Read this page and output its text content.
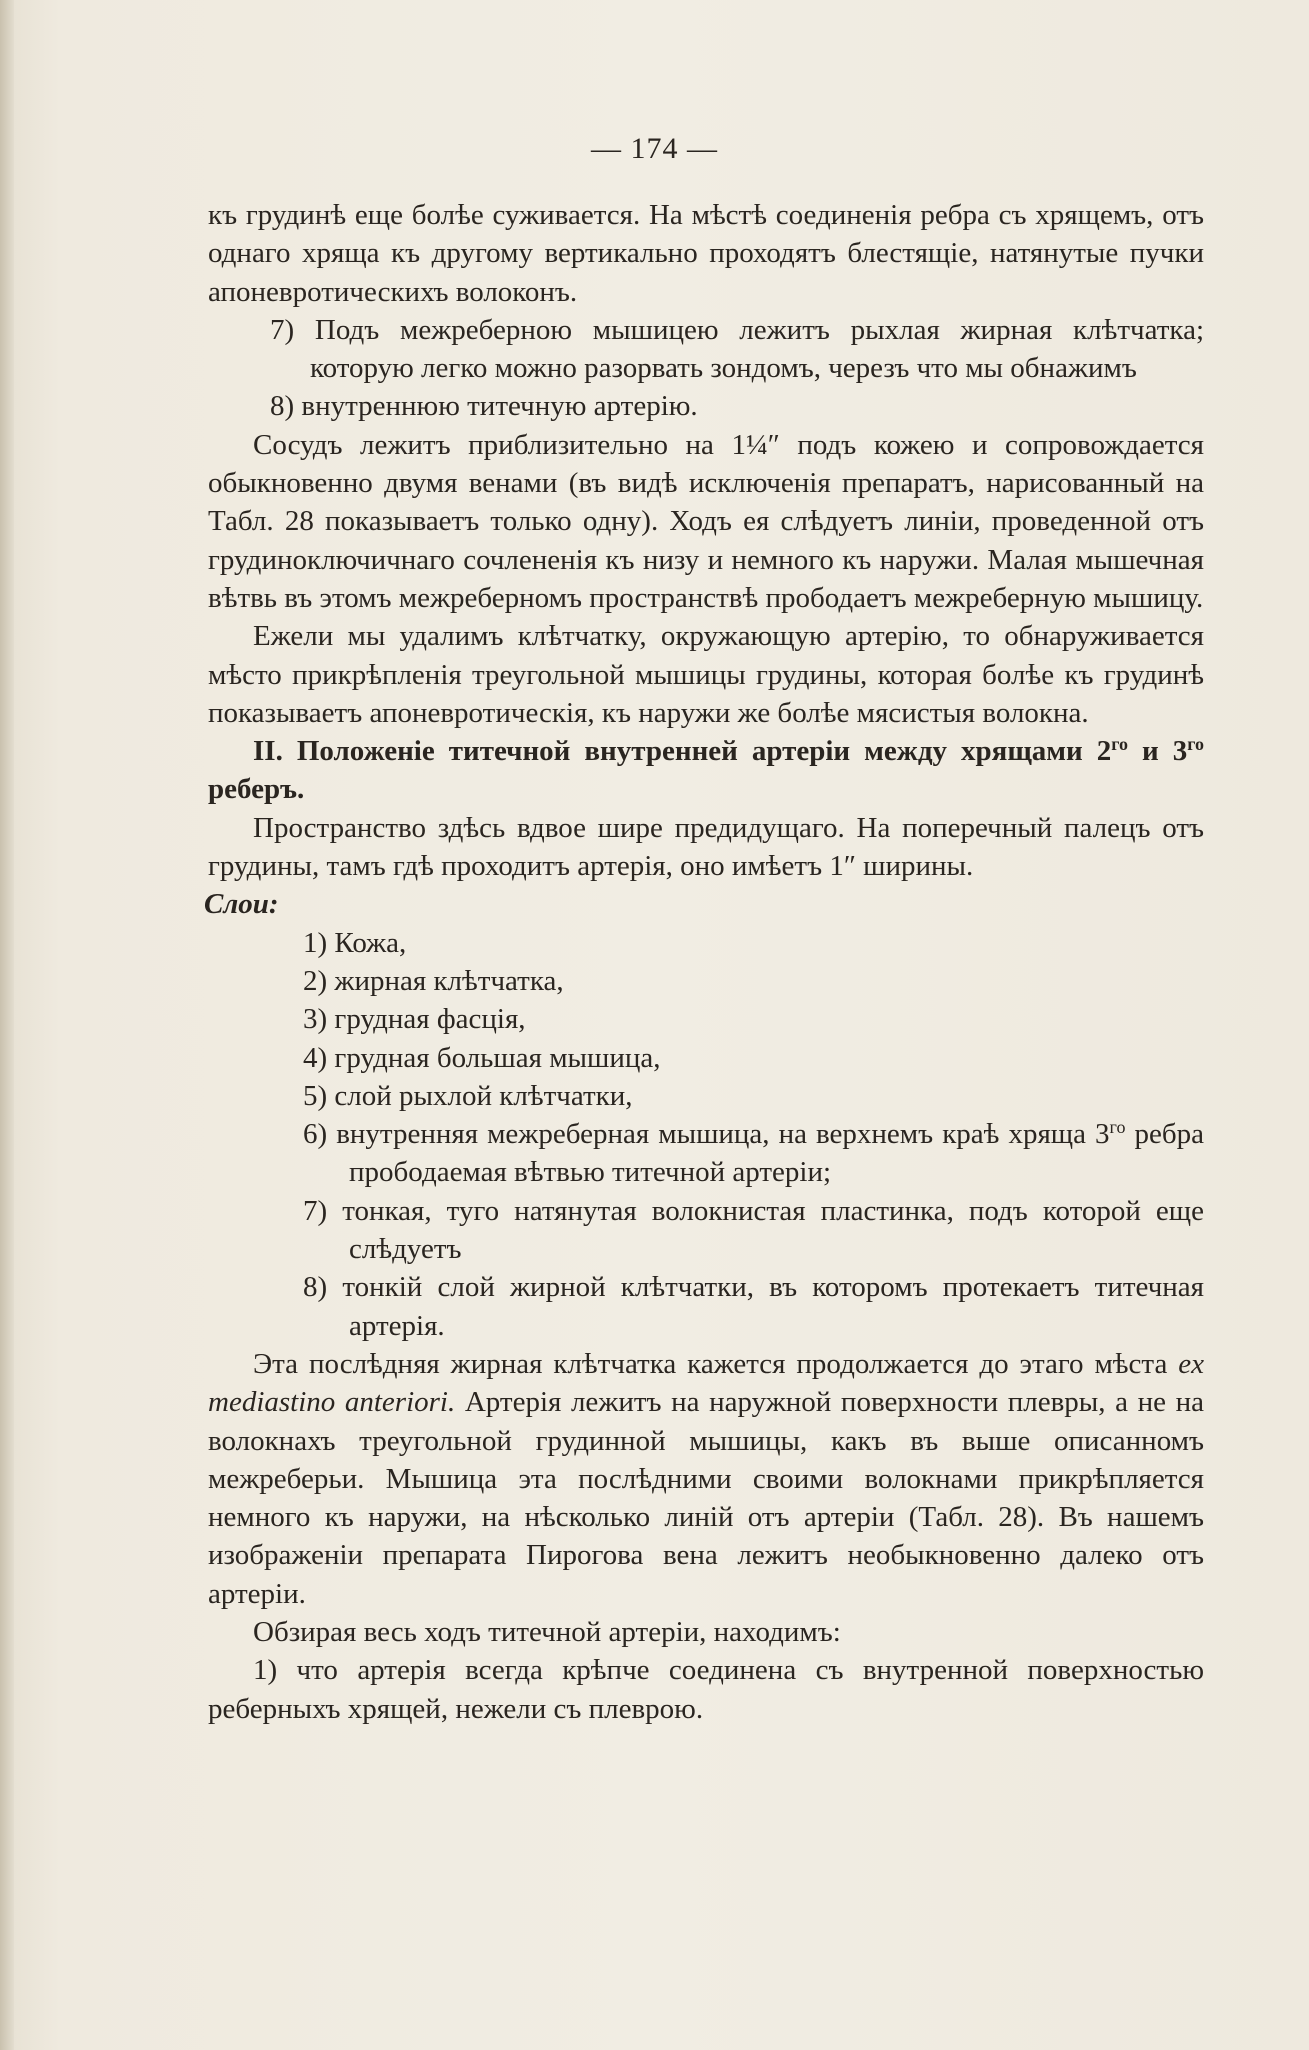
— 174 —

къ грудинѣ еще болѣе суживается. На мѣстѣ соединенія ребра съ хрящемъ, отъ однаго хряща къ другому вертикально проходятъ блестящіе, натянутые пучки апоневротическихъ волоконъ.

7) Подъ межреберною мышицею лежитъ рыхлая жирная клѣтчатка; которую легко можно разорвать зондомъ, черезъ что мы обнажимъ

8) внутреннюю титечную артерію.

Сосудъ лежитъ приблизительно на 1¼″ подъ кожею и сопровождается обыкновенно двумя венами (въ видѣ исключенія препаратъ, нарисованный на Табл. 28 показываетъ только одну). Ходъ ея слѣдуетъ линіи, проведенной отъ грудиноключичнаго сочлененія къ низу и немного къ наружи. Малая мышечная вѣтвь въ этомъ межреберномъ пространствѣ прободаетъ межреберную мышицу.

Ежели мы удалимъ клѣтчатку, окружающую артерію, то обнаруживается мѣсто прикрѣпленія треугольной мышицы грудины, которая болѣе къ грудинѣ показываетъ апоневротическія, къ наружи же болѣе мясистыя волокна.

II. Положеніе титечной внутренней артеріи между хрящами $2^{го}$ и $3^{го}$ реберъ.

Пространство здѣсь вдвое шире предидущаго. На поперечный палецъ отъ грудины, тамъ гдѣ проходитъ артерія, оно имѣетъ 1″ ширины.

Слои:

1) Кожа,
2) жирная клѣтчатка,
3) грудная фасція,
4) грудная большая мышица,
5) слой рыхлой клѣтчатки,
6) внутренняя межреберная мышица, на верхнемъ краѣ хряща $3^{го}$ ребра прободаемая вѣтвью титечной артеріи;
7) тонкая, туго натянутая волокнистая пластинка, подъ которой еще слѣдуетъ
8) тонкій слой жирной клѣтчатки, въ которомъ протекаетъ титечная артерія.

Эта послѣдняя жирная клѣтчатка кажется продолжается до этаго мѣста ex mediastino anteriori. Артерія лежитъ на наружной поверхности плевры, а не на волокнахъ треугольной грудинной мышицы, какъ въ выше описанномъ межреберьи. Мышица эта послѣдними своими волокнами прикрѣпляется немного къ наружи, на нѣсколько линій отъ артеріи (Табл. 28). Въ нашемъ изображеніи препарата Пирогова вена лежитъ необыкновенно далеко отъ артеріи.

Обзирая весь ходъ титечной артеріи, находимъ:

1) что артерія всегда крѣпче соединена съ внутренной поверхностью реберныхъ хрящей, нежели съ плеврою.
